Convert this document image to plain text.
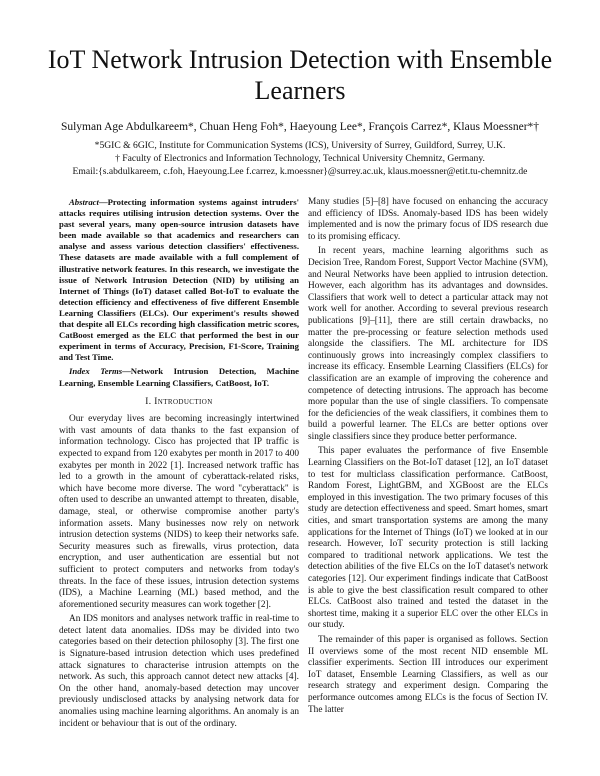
IoT Network Intrusion Detection with Ensemble Learners
Sulyman Age Abdulkareem*, Chuan Heng Foh*, Haeyoung Lee*, François Carrez*, Klaus Moessner*†
*5GIC & 6GIC, Institute for Communication Systems (ICS), University of Surrey, Guildford, Surrey, U.K.
† Faculty of Electronics and Information Technology, Technical University Chemnitz, Germany.
Email:{s.abdulkareem, c.foh, Haeyoung.Lee f.carrez, k.moessner}@surrey.ac.uk, klaus.moessner@etit.tu-chemnitz.de

Abstract—Protecting information systems against intruders' attacks requires utilising intrusion detection systems. Over the past several years, many open-source intrusion datasets have been made available so that academics and researchers can analyse and assess various detection classifiers' effectiveness. These datasets are made available with a full complement of illustrative network features. In this research, we investigate the issue of Network Intrusion Detection (NID) by utilising an Internet of Things (IoT) dataset called Bot-IoT to evaluate the detection efficiency and effectiveness of five different Ensemble Learning Classifiers (ELCs). Our experiment's results showed that despite all ELCs recording high classification metric scores, CatBoost emerged as the ELC that performed the best in our experiment in terms of Accuracy, Precision, F1-Score, Training and Test Time.

Index Terms—Network Intrusion Detection, Machine Learning, Ensemble Learning Classifiers, CatBoost, IoT.

I. Introduction

Our everyday lives are becoming increasingly intertwined with vast amounts of data thanks to the fast expansion of information technology. Cisco has projected that IP traffic is expected to expand from 120 exabytes per month in 2017 to 400 exabytes per month in 2022 [1]. Increased network traffic has led to a growth in the amount of cyberattack-related risks, which have become more diverse. The word "cyberattack" is often used to describe an unwanted attempt to threaten, disable, damage, steal, or otherwise compromise another party's information assets. Many businesses now rely on network intrusion detection systems (NIDS) to keep their networks safe. Security measures such as firewalls, virus protection, data encryption, and user authentication are essential but not sufficient to protect computers and networks from today's threats. In the face of these issues, intrusion detection systems (IDS), a Machine Learning (ML) based method, and the aforementioned security measures can work together [2].

An IDS monitors and analyses network traffic in real-time to detect latent data anomalies. IDSs may be divided into two categories based on their detection philosophy [3]. The first one is Signature-based intrusion detection which uses predefined attack signatures to characterise intrusion attempts on the network. As such, this approach cannot detect new attacks [4]. On the other hand, anomaly-based detection may uncover previously undisclosed attacks by analysing network data for anomalies using machine learning algorithms. An anomaly is an incident or behaviour that is out of the ordinary.

Many studies [5]–[8] have focused on enhancing the accuracy and efficiency of IDSs. Anomaly-based IDS has been widely implemented and is now the primary focus of IDS research due to its promising efficacy.

In recent years, machine learning algorithms such as Decision Tree, Random Forest, Support Vector Machine (SVM), and Neural Networks have been applied to intrusion detection. However, each algorithm has its advantages and downsides. Classifiers that work well to detect a particular attack may not work well for another. According to several previous research publications [9]–[11], there are still certain drawbacks, no matter the pre-processing or feature selection methods used alongside the classifiers. The ML architecture for IDS continuously grows into increasingly complex classifiers to increase its efficacy. Ensemble Learning Classifiers (ELCs) for classification are an example of improving the coherence and competence of detecting intrusions. The approach has become more popular than the use of single classifiers. To compensate for the deficiencies of the weak classifiers, it combines them to build a powerful learner. The ELCs are better options over single classifiers since they produce better performance.

This paper evaluates the performance of five Ensemble Learning Classifiers on the Bot-IoT dataset [12], an IoT dataset to test for multiclass classification performance. CatBoost, Random Forest, LightGBM, and XGBoost are the ELCs employed in this investigation. The two primary focuses of this study are detection effectiveness and speed. Smart homes, smart cities, and smart transportation systems are among the many applications for the Internet of Things (IoT) we looked at in our research. However, IoT security protection is still lacking compared to traditional network applications. We test the detection abilities of the five ELCs on the IoT dataset's network categories [12]. Our experiment findings indicate that CatBoost is able to give the best classification result compared to other ELCs. CatBoost also trained and tested the dataset in the shortest time, making it a superior ELC over the other ELCs in our study.

The remainder of this paper is organised as follows. Section II overviews some of the most recent NID ensemble ML classifier experiments. Section III introduces our experiment IoT dataset, Ensemble Learning Classifiers, as well as our research strategy and experiment design. Comparing the performance outcomes among ELCs is the focus of Section IV. The latter
